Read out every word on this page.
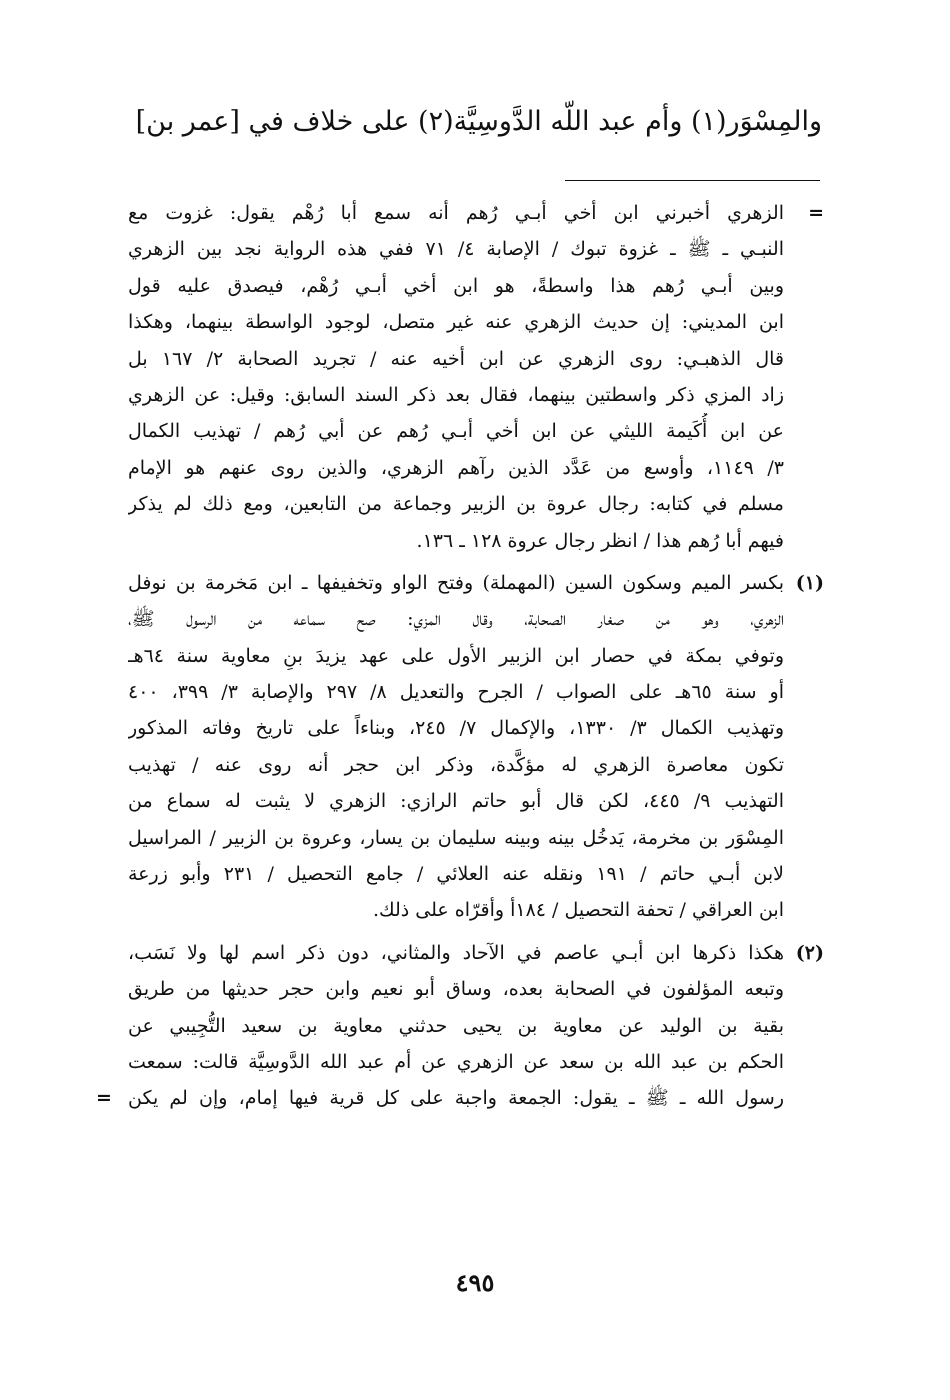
والمِسْوَر(١) وأم عبد اللّه الدَّوسِيَّة(٢) على خلاف في [عمر بن]
=
الزهري أخبرني ابن أخي أبـي رُهم أنه سمع أبا رُهْم يقول: غزوت مع
النبـي ـ ﷺ ـ غزوة تبوك / الإصابة ٤/ ٧١ ففي هذه الرواية نجد بين الزهري
وبين أبـي رُهم هذا واسطةً، هو ابن أخي أبـي رُهْم، فيصدق عليه قول
ابن المديني: إن حديث الزهري عنه غير متصل، لوجود الواسطة بينهما، وهكذا
قال الذهبـي: روى الزهري عن ابن أخيه عنه / تجريد الصحابة ٢/ ١٦٧ بل
زاد المزي ذكر واسطتين بينهما، فقال بعد ذكر السند السابق: وقيل: عن الزهري
عن ابن أُكَيمة الليثي عن ابن أخي أبـي رُهم عن أبي رُهم / تهذيب الكمال
٣/ ١١٤٩، وأوسع من عَدَّد الذين رآهم الزهري، والذين روى عنهم هو الإمام
مسلم في كتابه: رجال عروة بن الزبير وجماعة من التابعين، ومع ذلك لم يذكر
فيهم أبا رُهم هذا / انظر رجال عروة ١٢٨ ـ ١٣٦.
(١)
بكسر الميم وسكون السين (المهملة) وفتح الواو وتخفيفها ـ ابن مَخرمة بن نوفل
الزهري، وهو من صغار الصحابة، وقال المزي: صح سماعه من الرسول ﷺ،
وتوفي بمكة في حصار ابن الزبير الأول على عهد يزيدَ بنِ معاوية سنة ٦٤هـ
أو سنة ٦٥هـ على الصواب / الجرح والتعديل ٨/ ٢٩٧ والإصابة ٣/ ٣٩٩، ٤٠٠
وتهذيب الكمال ٣/ ١٣٣٠، والإكمال ٧/ ٢٤٥، وبناءاً على تاريخ وفاته المذكور
تكون معاصرة الزهري له مؤكَّدة، وذكر ابن حجر أنه روى عنه / تهذيب
التهذيب ٩/ ٤٤٥، لكن قال أبو حاتم الرازي: الزهري لا يثبت له سماع من
المِسْوَر بن مخرمة، يَدخُل بينه وبينه سليمان بن يسار، وعروة بن الزبير / المراسيل
لابن أبـي حاتم / ١٩١ ونقله عنه العلائي / جامع التحصيل / ٢٣١ وأبو زرعة
ابن العراقي / تحفة التحصيل / ١٨٤أ وأقرّاه على ذلك.
(٢)
هكذا ذكرها ابن أبـي عاصم في الآحاد والمثاني، دون ذكر اسم لها ولا نَسَب،
وتبعه المؤلفون في الصحابة بعده، وساق أبو نعيم وابن حجر حديثها من طريق
بقية بن الوليد عن معاوية بن يحيى حدثني معاوية بن سعيد التُّجِيبي عن
الحكم بن عبد الله بن سعد عن الزهري عن أم عبد الله الدَّوسِيَّة قالت: سمعت
رسول الله ـ ﷺ ـ يقول: الجمعة واجبة على كل قرية فيها إمام، وإن لم يكن
=
٤٩٥
